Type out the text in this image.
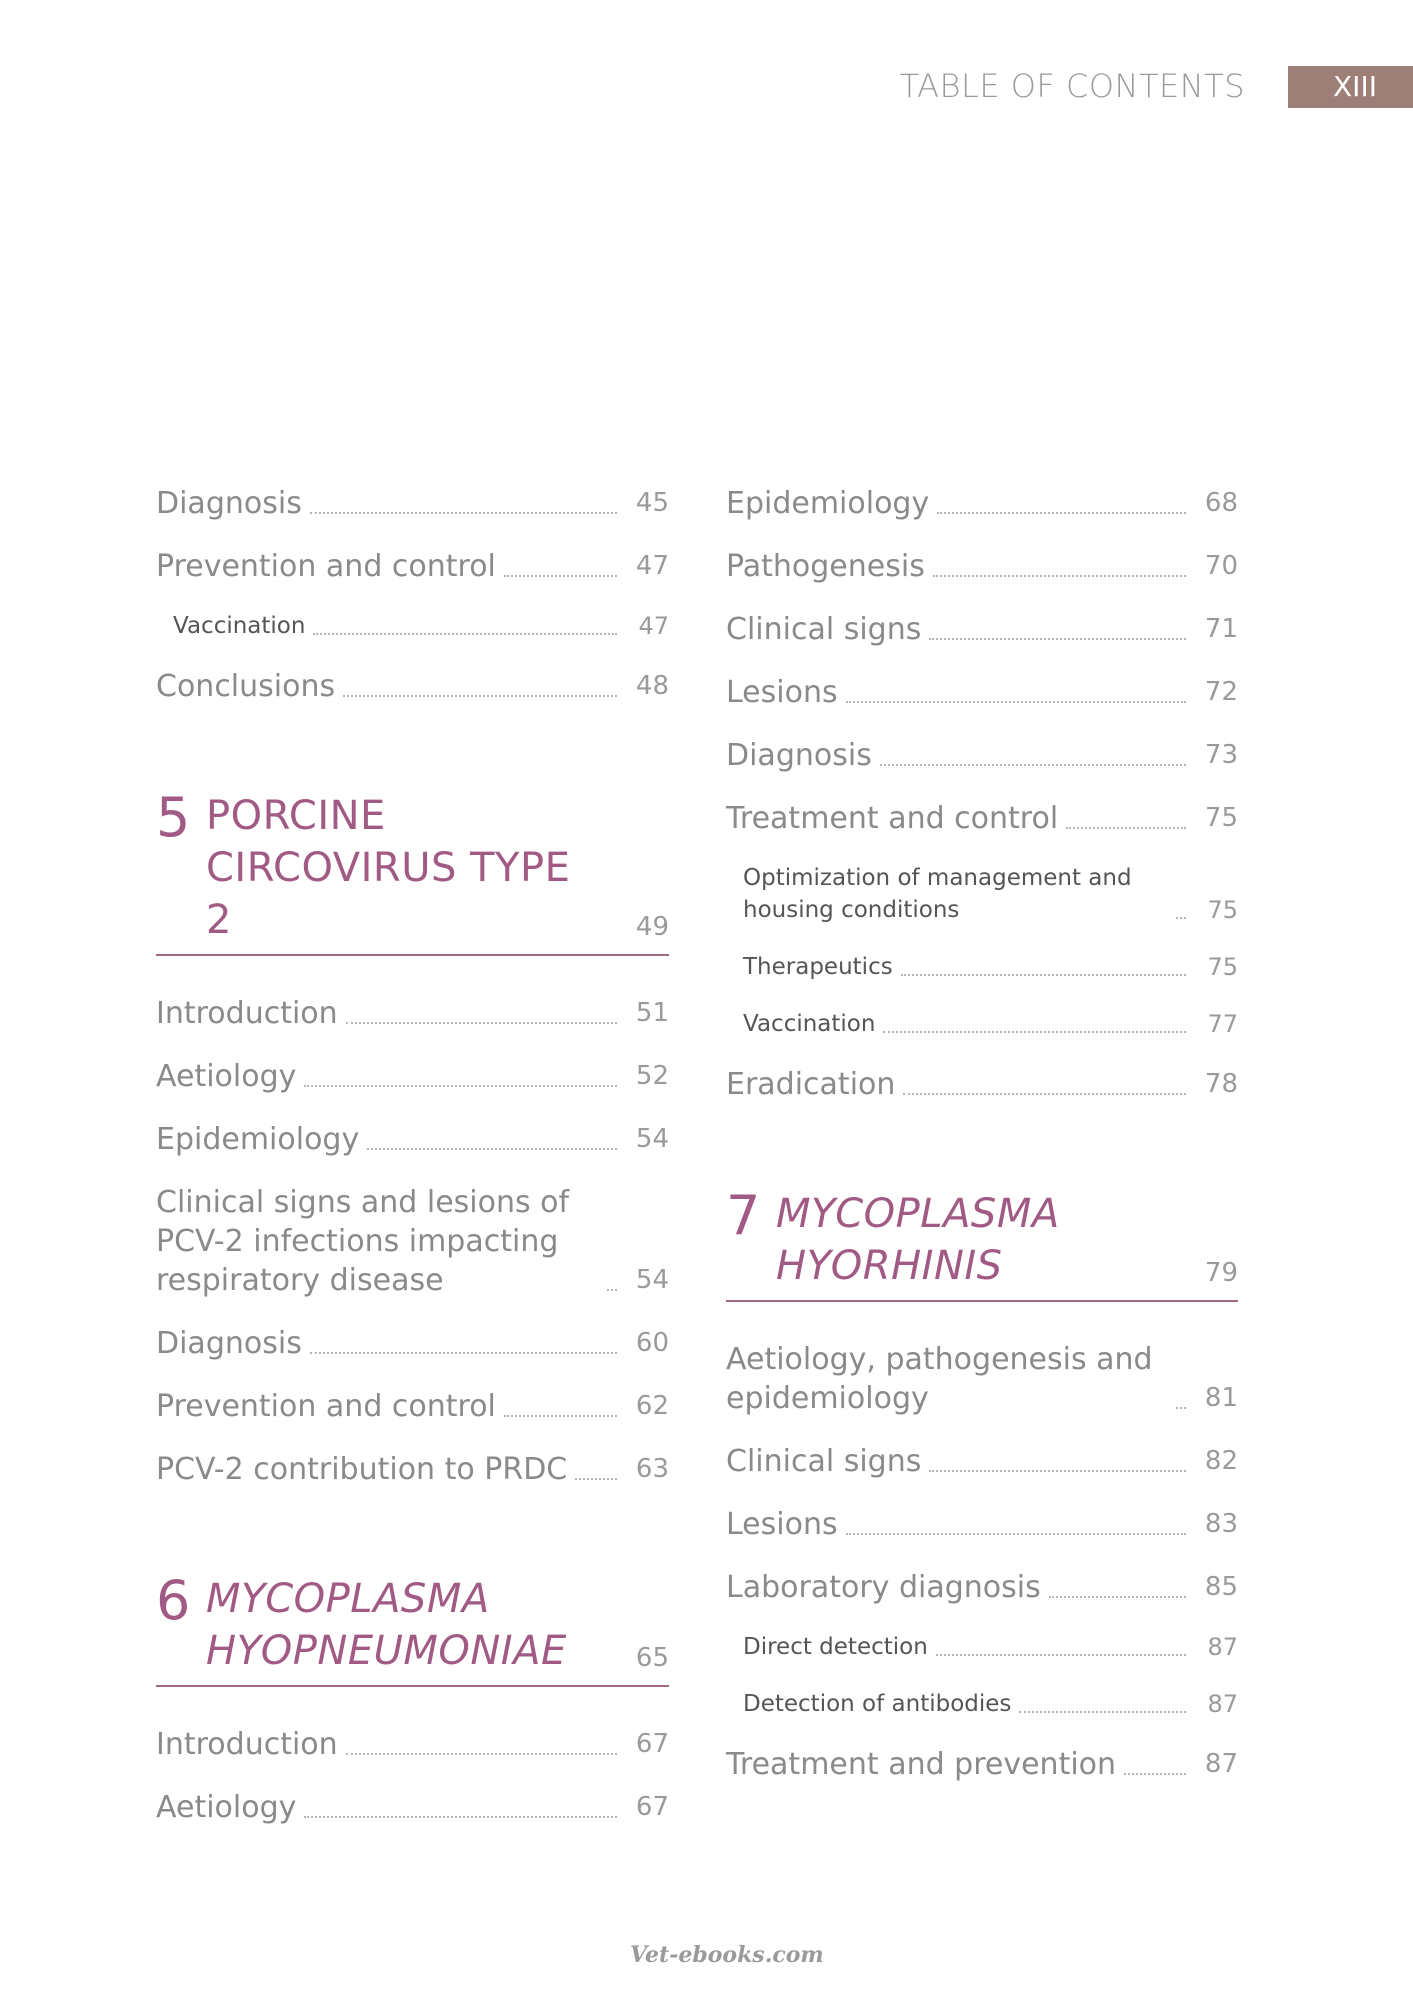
TABLE OF CONTENTS	XIII
Diagnosis	45
Prevention and control	47
Vaccination	47
Conclusions	48
5 PORCINE CIRCOVIRUS TYPE 2	49
Introduction	51
Aetiology	52
Epidemiology	54
Clinical signs and lesions of PCV-2 infections impacting respiratory disease	54
Diagnosis	60
Prevention and control	62
PCV-2 contribution to PRDC	63
6 MYCOPLASMA HYOPNEUMONIAE	65
Introduction	67
Aetiology	67
Epidemiology	68
Pathogenesis	70
Clinical signs	71
Lesions	72
Diagnosis	73
Treatment and control	75
Optimization of management and housing conditions	75
Therapeutics	75
Vaccination	77
Eradication	78
7 MYCOPLASMA HYORHINIS	79
Aetiology, pathogenesis and epidemiology	81
Clinical signs	82
Lesions	83
Laboratory diagnosis	85
Direct detection	87
Detection of antibodies	87
Treatment and prevention	87
Vet-ebooks.com
